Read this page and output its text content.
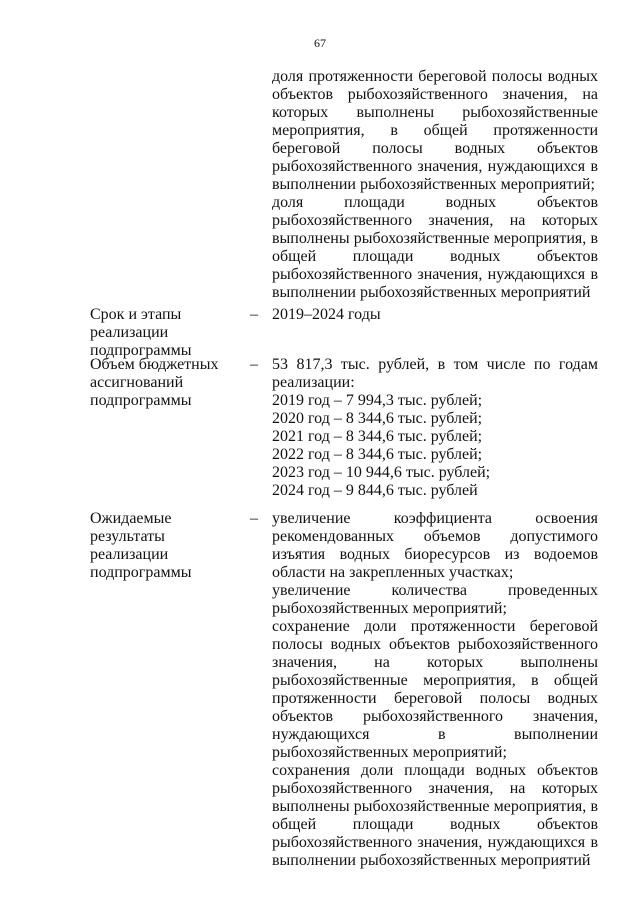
67

доля протяженности береговой полосы водных объектов рыбохозяйственного значения, на которых выполнены рыбохозяйственные мероприятия, в общей протяженности береговой полосы водных объектов рыбохозяйственного значения, нуждающихся в выполнении рыбохозяйственных мероприятий;

доля площади водных объектов рыбохозяйственного значения, на которых выполнены рыбохозяйственные мероприятия, в общей площади водных объектов рыбохозяйственного значения, нуждающихся в выполнении рыбохозяйственных мероприятий

Срок и этапы реализации подпрограммы
– 2019–2024 годы
Объем бюджетных ассигнований подпрограммы
– 53 817,3 тыс. рублей, в том числе по годам реализации:

2019 год – 7 994,3 тыс. рублей;
2020 год – 8 344,6 тыс. рублей;
2021 год – 8 344,6 тыс. рублей;
2022 год – 8 344,6 тыс. рублей;
2023 год – 10 944,6 тыс. рублей;
2024 год – 9 844,6 тыс. рублей
Ожидаемые результаты реализации подпрограммы
– увеличение коэффициента освоения рекомендованных объемов допустимого изъятия водных биоресурсов из водоемов области на закрепленных участках;

увеличение количества проведенных рыбохозяйственных мероприятий;

сохранение доли протяженности береговой полосы водных объектов рыбохозяйственного значения, на которых выполнены рыбохозяйственные мероприятия, в общей протяженности береговой полосы водных объектов рыбохозяйственного значения, нуждающихся в выполнении рыбохозяйственных мероприятий;

сохранения доли площади водных объектов рыбохозяйственного значения, на которых выполнены рыбохозяйственные мероприятия, в общей площади водных объектов рыбохозяйственного значения, нуждающихся в выполнении рыбохозяйственных мероприятий
